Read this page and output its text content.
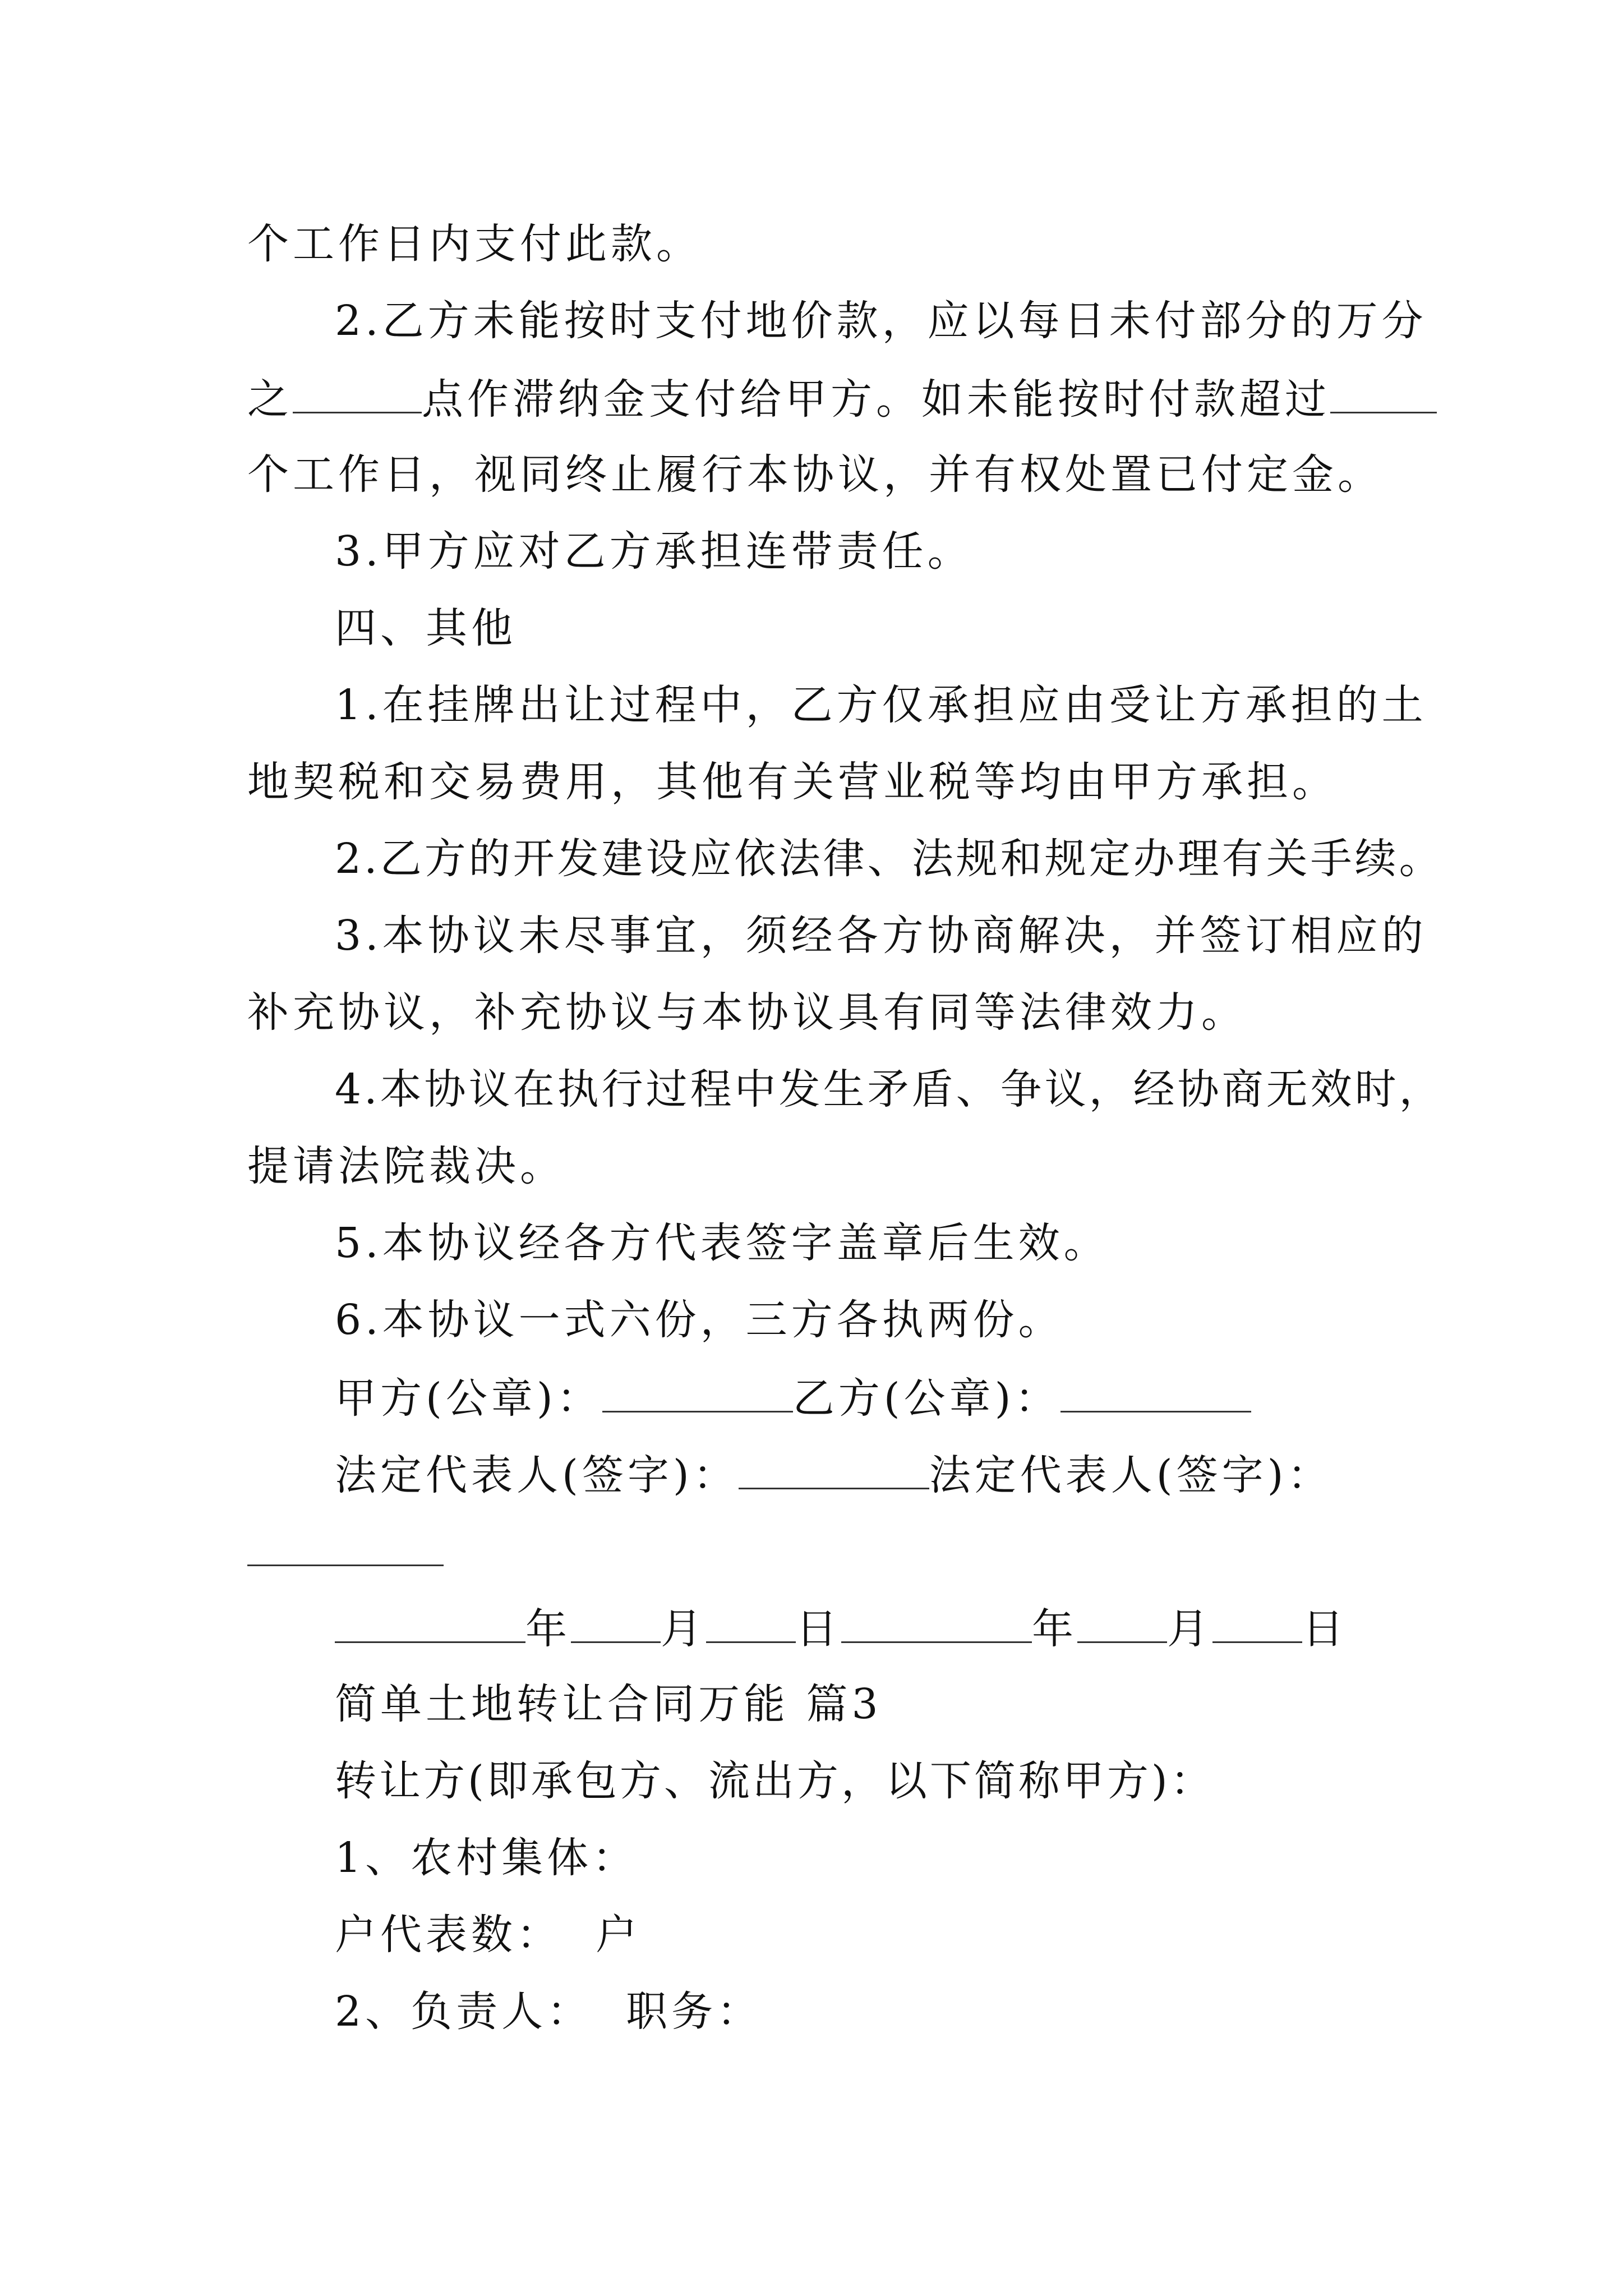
个工作日内支付此款。
2.乙方未能按时支付地价款，应以每日未付部分的万分
之	点作滞纳金支付给甲方。如未能按时付款超过
个工作日，视同终止履行本协议，并有权处置已付定金。
3.甲方应对乙方承担连带责任。
四、其他
1.在挂牌出让过程中，乙方仅承担应由受让方承担的土
地契税和交易费用，其他有关营业税等均由甲方承担。
2.乙方的开发建设应依法律、法规和规定办理有关手续。
3.本协议未尽事宜，须经各方协商解决，并签订相应的
补充协议，补充协议与本协议具有同等法律效力。
4.本协议在执行过程中发生矛盾、争议，经协商无效时，
提请法院裁决。
5.本协议经各方代表签字盖章后生效。
6.本协议一式六份，三方各执两份。
甲方(公章)：	乙方(公章)：
法定代表人(签字)：	法定代表人(签字)：
年 月 日	年 月 日
简单土地转让合同万能 篇3
转让方(即承包方、流出方，以下简称甲方)：
1、农村集体：
户代表数： 户
2、负责人： 职务：
